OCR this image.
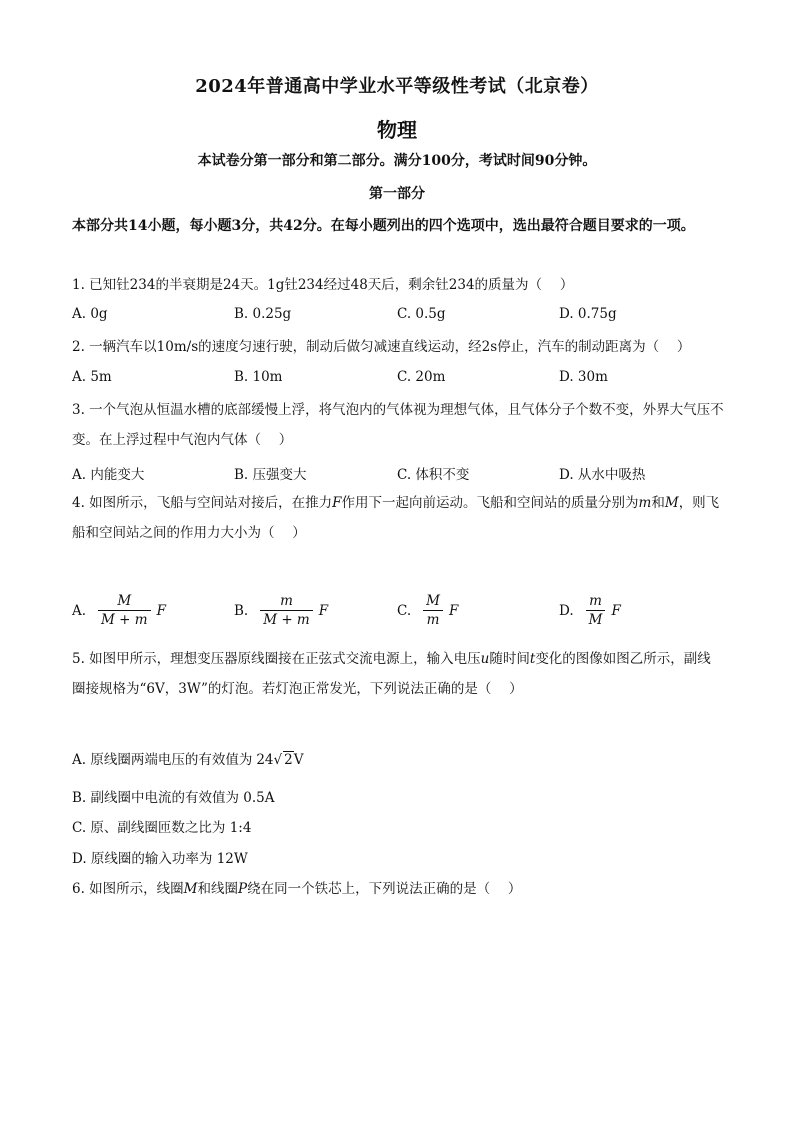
2024年普通高中学业水平等级性考试（北京卷）
物理
本试卷分第一部分和第二部分。满分100分，考试时间90分钟。
第一部分
本部分共14小题，每小题3分，共42分。在每小题列出的四个选项中，选出最符合题目要求的一项。
1. 已知钍234的半衰期是24天。1g钍234经过48天后，剩余钍234的质量为（　 ）
A. 0g	B. 0.25g	C. 0.5g	D. 0.75g
2. 一辆汽车以10m/s的速度匀速行驶，制动后做匀减速直线运动，经2s停止，汽车的制动距离为（　 ）
A. 5m	B. 10m	C. 20m	D. 30m
3. 一个气泡从恒温水槽的底部缓慢上浮，将气泡内的气体视为理想气体，且气体分子个数不变，外界大气压不变。在上浮过程中气泡内气体（　 ）
A. 内能变大	B. 压强变大	C. 体积不变	D. 从水中吸热
4. 如图所示，飞船与空间站对接后，在推力F作用下一起向前运动。飞船和空间站的质量分别为m和M，则飞船和空间站之间的作用力大小为（　 ）
A. $\frac{M}{M + m}$ F	B. $\frac{m}{M + m}$ F	C. $\frac{M}{m}$ F	D. $\frac{m}{M}$ F
5. 如图甲所示，理想变压器原线圈接在正弦式交流电源上，输入电压u随时间t变化的图像如图乙所示，副线圈接规格为“6V，3W”的灯泡。若灯泡正常发光，下列说法正确的是（　 ）
A. 原线圈两端电压的有效值为 24√ 2V
B. 副线圈中电流的有效值为 0.5A
C. 原、副线圈匝数之比为 1:4
D. 原线圈的输入功率为 12W
6. 如图所示，线圈M和线圈P绕在同一个铁芯上，下列说法正确的是（　 ）
